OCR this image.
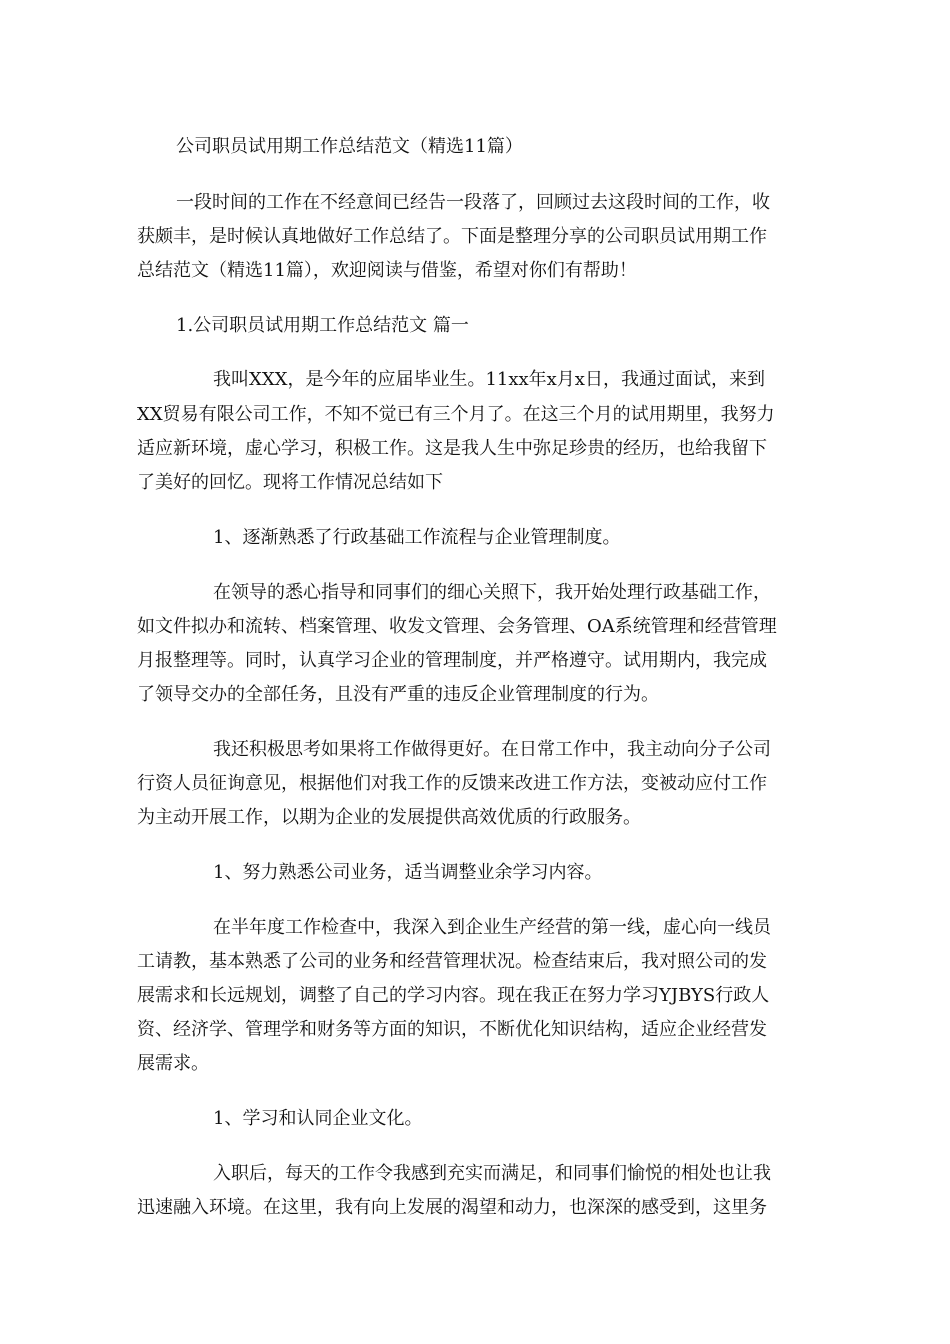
公司职员试用期工作总结范文（精选11篇）

一段时间的工作在不经意间已经告一段落了，回顾过去这段时间的工作，收

获颇丰，是时候认真地做好工作总结了。下面是整理分享的公司职员试用期工作

总结范文（精选11篇），欢迎阅读与借鉴，希望对你们有帮助！

1.公司职员试用期工作总结范文 篇一

我叫XXX，是今年的应届毕业生。11xx年x月x日，我通过面试，来到

XX贸易有限公司工作，不知不觉已有三个月了。在这三个月的试用期里，我努力

适应新环境，虚心学习，积极工作。这是我人生中弥足珍贵的经历，也给我留下

了美好的回忆。现将工作情况总结如下

1、逐渐熟悉了行政基础工作流程与企业管理制度。

在领导的悉心指导和同事们的细心关照下，我开始处理行政基础工作，

如文件拟办和流转、档案管理、收发文管理、会务管理、OA系统管理和经营管理

月报整理等。同时，认真学习企业的管理制度，并严格遵守。试用期内，我完成

了领导交办的全部任务，且没有严重的违反企业管理制度的行为。

我还积极思考如果将工作做得更好。在日常工作中，我主动向分子公司

行资人员征询意见，根据他们对我工作的反馈来改进工作方法，变被动应付工作

为主动开展工作，以期为企业的发展提供高效优质的行政服务。

1、努力熟悉公司业务，适当调整业余学习内容。

在半年度工作检查中，我深入到企业生产经营的第一线，虚心向一线员

工请教，基本熟悉了公司的业务和经营管理状况。检查结束后，我对照公司的发

展需求和长远规划，调整了自己的学习内容。现在我正在努力学习YJBYS行政人

资、经济学、管理学和财务等方面的知识，不断优化知识结构，适应企业经营发

展需求。

1、学习和认同企业文化。

入职后，每天的工作令我感到充实而满足，和同事们愉悦的相处也让我

迅速融入环境。在这里，我有向上发展的渴望和动力，也深深的感受到，这里务
